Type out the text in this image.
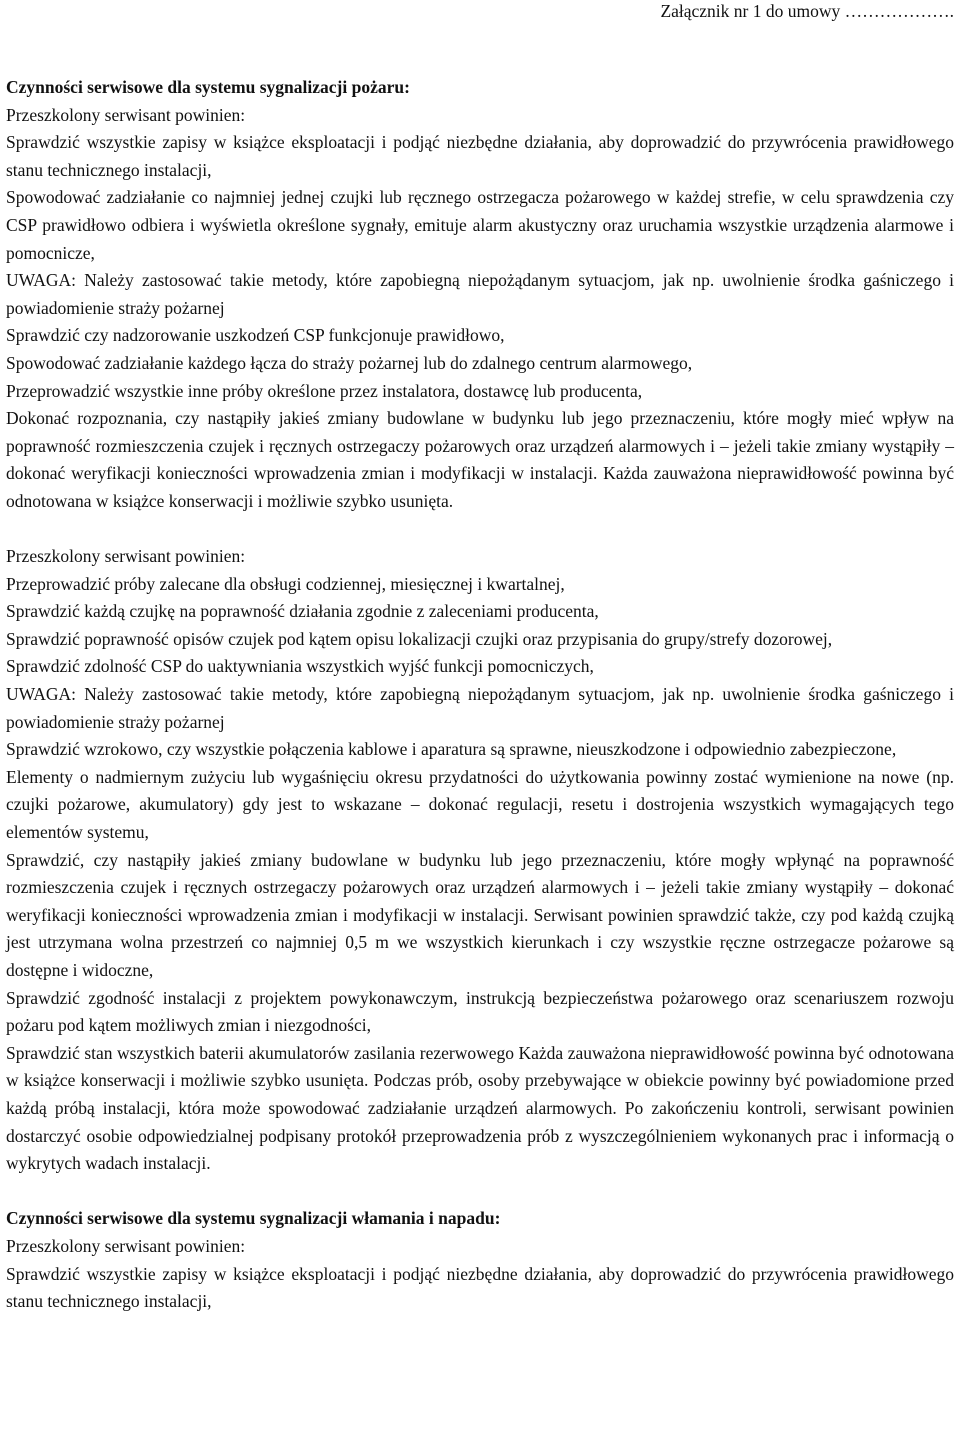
Załącznik nr 1 do umowy ……………….

Czynności serwisowe dla systemu sygnalizacji pożaru:

Przeszkolony serwisant powinien:

Sprawdzić wszystkie zapisy w książce eksploatacji i podjąć niezbędne działania, aby doprowadzić do przywrócenia prawidłowego stanu technicznego instalacji,

Spowodować zadziałanie co najmniej jednej czujki lub ręcznego ostrzegacza pożarowego w każdej strefie, w celu sprawdzenia czy CSP prawidłowo odbiera i wyświetla określone sygnały, emituje alarm akustyczny oraz uruchamia wszystkie urządzenia alarmowe i pomocnicze,

UWAGA: Należy zastosować takie metody, które zapobiegną niepożądanym sytuacjom, jak np. uwolnienie środka gaśniczego i powiadomienie straży pożarnej

Sprawdzić czy nadzorowanie uszkodzeń CSP funkcjonuje prawidłowo,

Spowodować zadziałanie każdego łącza do straży pożarnej lub do zdalnego centrum alarmowego,

Przeprowadzić wszystkie inne próby określone przez instalatora, dostawcę lub producenta,

Dokonać rozpoznania, czy nastąpiły jakieś zmiany budowlane w budynku lub jego przeznaczeniu, które mogły mieć wpływ na poprawność rozmieszczenia czujek i ręcznych ostrzegaczy pożarowych oraz urządzeń alarmowych i – jeżeli takie zmiany wystąpiły – dokonać weryfikacji konieczności wprowadzenia zmian i modyfikacji w instalacji. Każda zauważona nieprawidłowość powinna być odnotowana w książce konserwacji i możliwie szybko usunięta.

Przeszkolony serwisant powinien:

Przeprowadzić próby zalecane dla obsługi codziennej, miesięcznej i kwartalnej,

Sprawdzić każdą czujkę na poprawność działania zgodnie z zaleceniami producenta,

Sprawdzić poprawność opisów czujek pod kątem opisu lokalizacji czujki oraz przypisania do grupy/strefy dozorowej,

Sprawdzić zdolność CSP do uaktywniania wszystkich wyjść funkcji pomocniczych,

UWAGA: Należy zastosować takie metody, które zapobiegną niepożądanym sytuacjom, jak np. uwolnienie środka gaśniczego i powiadomienie straży pożarnej

Sprawdzić wzrokowo, czy wszystkie połączenia kablowe i aparatura są sprawne, nieuszkodzone i odpowiednio zabezpieczone,

Elementy o nadmiernym zużyciu lub wygaśnięciu okresu przydatności do użytkowania powinny zostać wymienione na nowe (np. czujki pożarowe, akumulatory) gdy jest to wskazane – dokonać regulacji, resetu i dostrojenia wszystkich wymagających tego elementów systemu,

Sprawdzić, czy nastąpiły jakieś zmiany budowlane w budynku lub jego przeznaczeniu, które mogły wpłynąć na poprawność rozmieszczenia czujek i ręcznych ostrzegaczy pożarowych oraz urządzeń alarmowych i – jeżeli takie zmiany wystąpiły – dokonać weryfikacji konieczności wprowadzenia zmian i modyfikacji w instalacji. Serwisant powinien sprawdzić także, czy pod każdą czujką jest utrzymana wolna przestrzeń co najmniej 0,5 m we wszystkich kierunkach i czy wszystkie ręczne ostrzegacze pożarowe są dostępne i widoczne,

Sprawdzić zgodność instalacji z projektem powykonawczym, instrukcją bezpieczeństwa pożarowego oraz scenariuszem rozwoju pożaru pod kątem możliwych zmian i niezgodności,

Sprawdzić stan wszystkich baterii akumulatorów zasilania rezerwowego Każda zauważona nieprawidłowość powinna być odnotowana w książce konserwacji i możliwie szybko usunięta. Podczas prób, osoby przebywające w obiekcie powinny być powiadomione przed każdą próbą instalacji, która może spowodować zadziałanie urządzeń alarmowych. Po zakończeniu kontroli, serwisant powinien dostarczyć osobie odpowiedzialnej podpisany protokół przeprowadzenia prób z wyszczególnieniem wykonanych prac i informacją o wykrytych wadach instalacji.

Czynności serwisowe dla systemu sygnalizacji włamania i napadu:

Przeszkolony serwisant powinien:

Sprawdzić wszystkie zapisy w książce eksploatacji i podjąć niezbędne działania, aby doprowadzić do przywrócenia prawidłowego stanu technicznego instalacji,
